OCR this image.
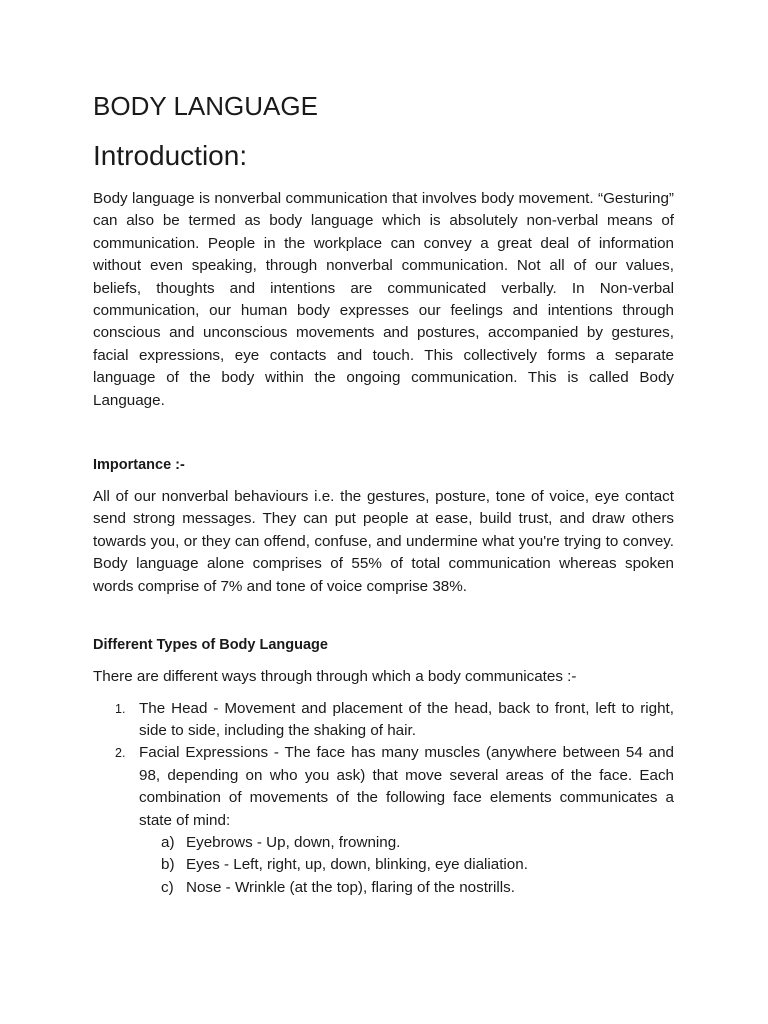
BODY LANGUAGE
Introduction:

Body language is nonverbal communication that involves body movement. “Gesturing” can also be termed as body language which is absolutely non-verbal means of communication. People in the workplace can convey a great deal of information without even speaking, through nonverbal communication. Not all of our values, beliefs, thoughts and intentions are communicated verbally. In Non-verbal communication, our human body expresses our feelings and intentions through conscious and unconscious movements and postures, accompanied by gestures, facial expressions, eye contacts and touch. This collectively forms a separate language of the body within the ongoing communication. This is called Body Language.

Importance :-

All of our nonverbal behaviours i.e. the gestures, posture, tone of voice, eye contact send strong messages. They can put people at ease, build trust, and draw others towards you, or they can offend, confuse, and undermine what you're trying to convey. Body language alone comprises of 55% of total communication whereas spoken words comprise of 7% and tone of voice comprise 38%.

Different Types of Body Language

There are different ways through through which a body communicates :-

1. The Head - Movement and placement of the head, back to front, left to right, side to side, including the shaking of hair.
2. Facial Expressions - The face has many muscles (anywhere between 54 and 98, depending on who you ask) that move several areas of the face. Each combination of movements of the following face elements communicates a state of mind:
a) Eyebrows - Up, down, frowning.
b) Eyes - Left, right, up, down, blinking, eye dialiation.
c) Nose - Wrinkle (at the top), flaring of the nostrills.
